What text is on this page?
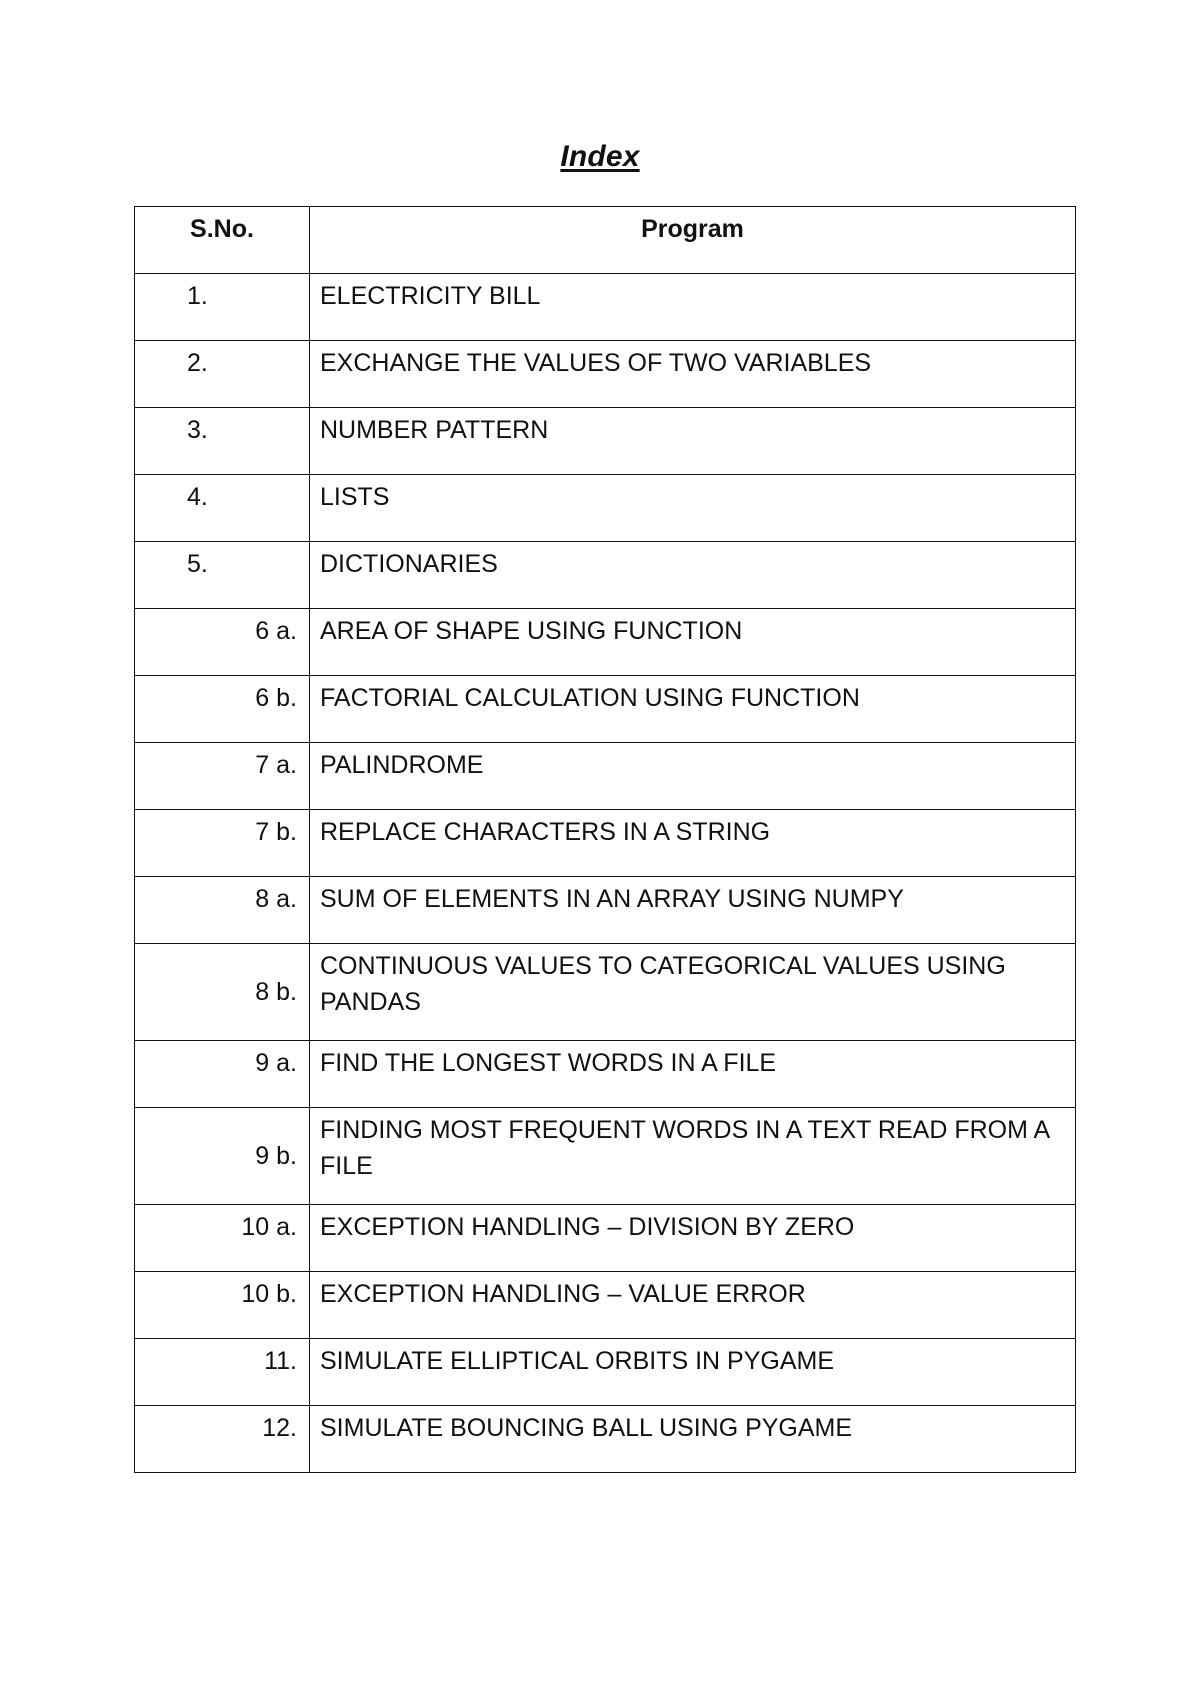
Index
S.No.	Program
1.	ELECTRICITY BILL
2.	EXCHANGE THE VALUES OF TWO VARIABLES
3.	NUMBER PATTERN
4.	LISTS
5.	DICTIONARIES
6 a.	AREA OF SHAPE USING FUNCTION
6 b.	FACTORIAL CALCULATION USING FUNCTION
7 a.	PALINDROME
7 b.	REPLACE CHARACTERS IN A STRING
8 a.	SUM OF ELEMENTS IN AN ARRAY USING NUMPY
8 b.	CONTINUOUS VALUES TO CATEGORICAL VALUES USING PANDAS
9 a.	FIND THE LONGEST WORDS IN A FILE
9 b.	FINDING MOST FREQUENT WORDS IN A TEXT READ FROM A FILE
10 a.	EXCEPTION HANDLING – DIVISION BY ZERO
10 b.	EXCEPTION HANDLING – VALUE ERROR
11.	SIMULATE ELLIPTICAL ORBITS IN PYGAME
12.	SIMULATE BOUNCING BALL USING PYGAME
